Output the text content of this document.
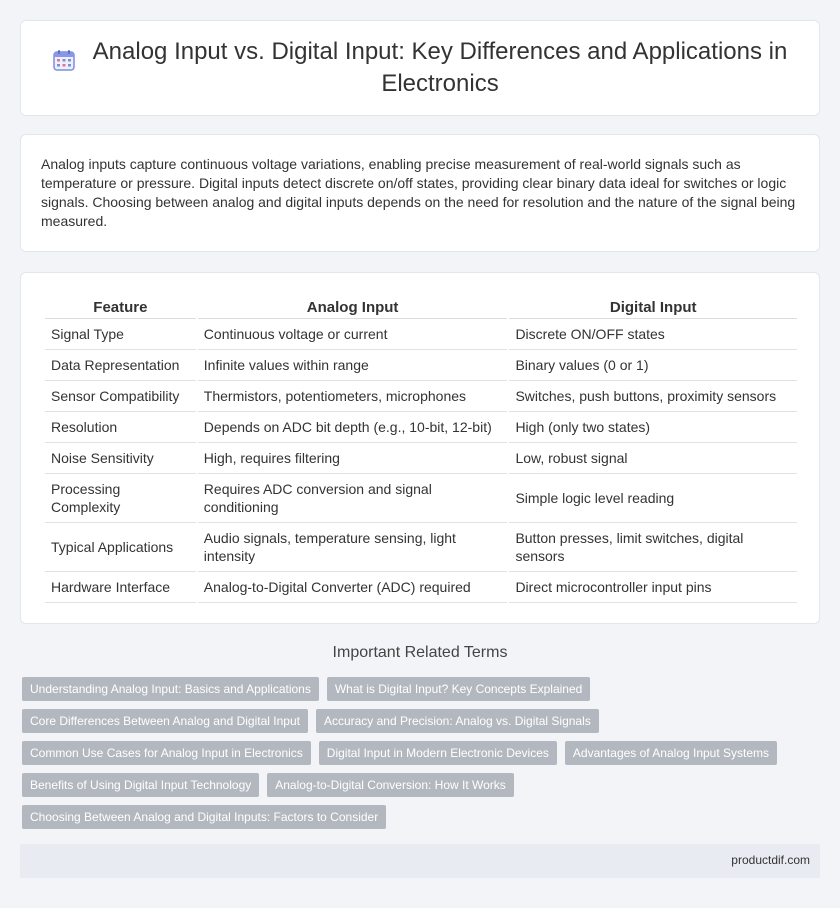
Analog Input vs. Digital Input: Key Differences and Applications in Electronics

Analog inputs capture continuous voltage variations, enabling precise measurement of real-world signals such as temperature or pressure. Digital inputs detect discrete on/off states, providing clear binary data ideal for switches or logic signals. Choosing between analog and digital inputs depends on the need for resolution and the nature of the signal being measured.

Feature	Analog Input	Digital Input
Signal Type	Continuous voltage or current	Discrete ON/OFF states
Data Representation	Infinite values within range	Binary values (0 or 1)
Sensor Compatibility	Thermistors, potentiometers, microphones	Switches, push buttons, proximity sensors
Resolution	Depends on ADC bit depth (e.g., 10-bit, 12-bit)	High (only two states)
Noise Sensitivity	High, requires filtering	Low, robust signal
Processing Complexity	Requires ADC conversion and signal conditioning	Simple logic level reading
Typical Applications	Audio signals, temperature sensing, light intensity	Button presses, limit switches, digital sensors
Hardware Interface	Analog-to-Digital Converter (ADC) required	Direct microcontroller input pins
Important Related Terms
Understanding Analog Input: Basics and Applications	What is Digital Input? Key Concepts Explained
Core Differences Between Analog and Digital Input	Accuracy and Precision: Analog vs. Digital Signals
Common Use Cases for Analog Input in Electronics	Digital Input in Modern Electronic Devices	Advantages of Analog Input Systems
Benefits of Using Digital Input Technology	Analog-to-Digital Conversion: How It Works
Choosing Between Analog and Digital Inputs: Factors to Consider
productdif.com
